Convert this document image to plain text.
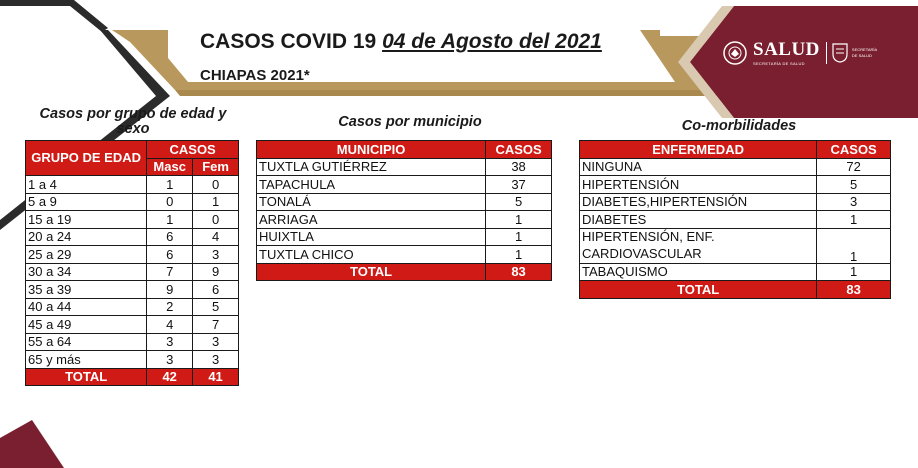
CASOS COVID 19 04 de Agosto del 2021
CHIAPAS 2021*
SALUD
SECRETARÍA DE SALUD
SECRETARÍA
DE SALUD
Casos por grupo de edad y sexo	Casos por municipio	Co-morbilidades
GRUPO DE EDAD	CASOS	
	Masc	Fem
1 a 4	1	0
5 a 9	0	1
15 a 19	1	0
20 a 24	6	4
25 a 29	6	3
30 a 34	7	9
35 a 39	9	6
40 a 44	2	5
45 a 49	4	7
55 a 64	3	3
65 y más	3	3
TOTAL	42	41
MUNICIPIO	CASOS
TUXTLA GUTIÉRREZ	38
TAPACHULA	37
TONALÁ	5
ARRIAGA	1
HUIXTLA	1
TUXTLA CHICO	1
TOTAL	83
ENFERMEDAD	CASOS
NINGUNA	72
HIPERTENSIÓN	5
DIABETES,HIPERTENSIÓN	3
DIABETES	1
HIPERTENSIÓN, ENF. CARDIOVASCULAR	1
TABAQUISMO	1
TOTAL	83
